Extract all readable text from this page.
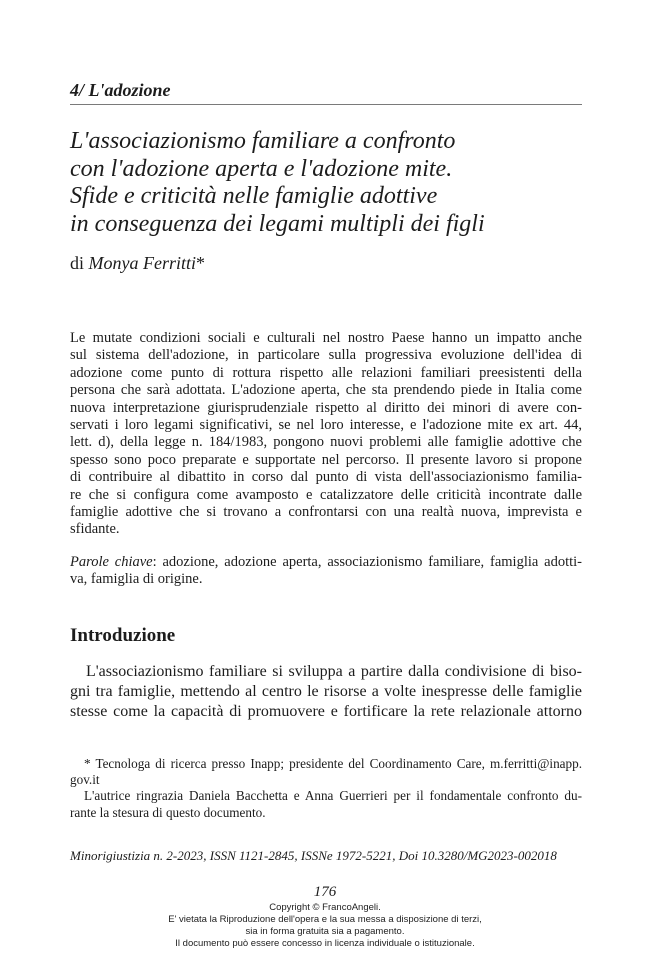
4/ L'adozione
L'associazionismo familiare a confronto
con l'adozione aperta e l'adozione mite.
Sfide e criticità nelle famiglie adottive
in conseguenza dei legami multipli dei figli
di Monya Ferritti*
Le mutate condizioni sociali e culturali nel nostro Paese hanno un impatto anche
sul sistema dell'adozione, in particolare sulla progressiva evoluzione dell'idea di
adozione come punto di rottura rispetto alle relazioni familiari preesistenti della
persona che sarà adottata. L'adozione aperta, che sta prendendo piede in Italia come
nuova interpretazione giurisprudenziale rispetto al diritto dei minori di avere con-
servati i loro legami significativi, se nel loro interesse, e l'adozione mite ex art. 44,
lett. d), della legge n. 184/1983, pongono nuovi problemi alle famiglie adottive che
spesso sono poco preparate e supportate nel percorso. Il presente lavoro si propone
di contribuire al dibattito in corso dal punto di vista dell'associazionismo familia-
re che si configura come avamposto e catalizzatore delle criticità incontrate dalle
famiglie adottive che si trovano a confrontarsi con una realtà nuova, imprevista e
sfidante.
Parole chiave: adozione, adozione aperta, associazionismo familiare, famiglia adotti-
va, famiglia di origine.
Introduzione
L'associazionismo familiare si sviluppa a partire dalla condivisione di biso-
gni tra famiglie, mettendo al centro le risorse a volte inespresse delle famiglie
stesse come la capacità di promuovere e fortificare la rete relazionale attorno
* Tecnologa di ricerca presso Inapp; presidente del Coordinamento Care, m.ferritti@inapp.
gov.it
L'autrice ringrazia Daniela Bacchetta e Anna Guerrieri per il fondamentale confronto du-
rante la stesura di questo documento.
Minorigiustizia n. 2-2023, ISSN 1121-2845, ISSNe 1972-5221, Doi 10.3280/MG2023-002018
176
Copyright © FrancoAngeli.
E' vietata la Riproduzione dell'opera e la sua messa a disposizione di terzi,
sia in forma gratuita sia a pagamento.
Il documento può essere concesso in licenza individuale o istituzionale.
